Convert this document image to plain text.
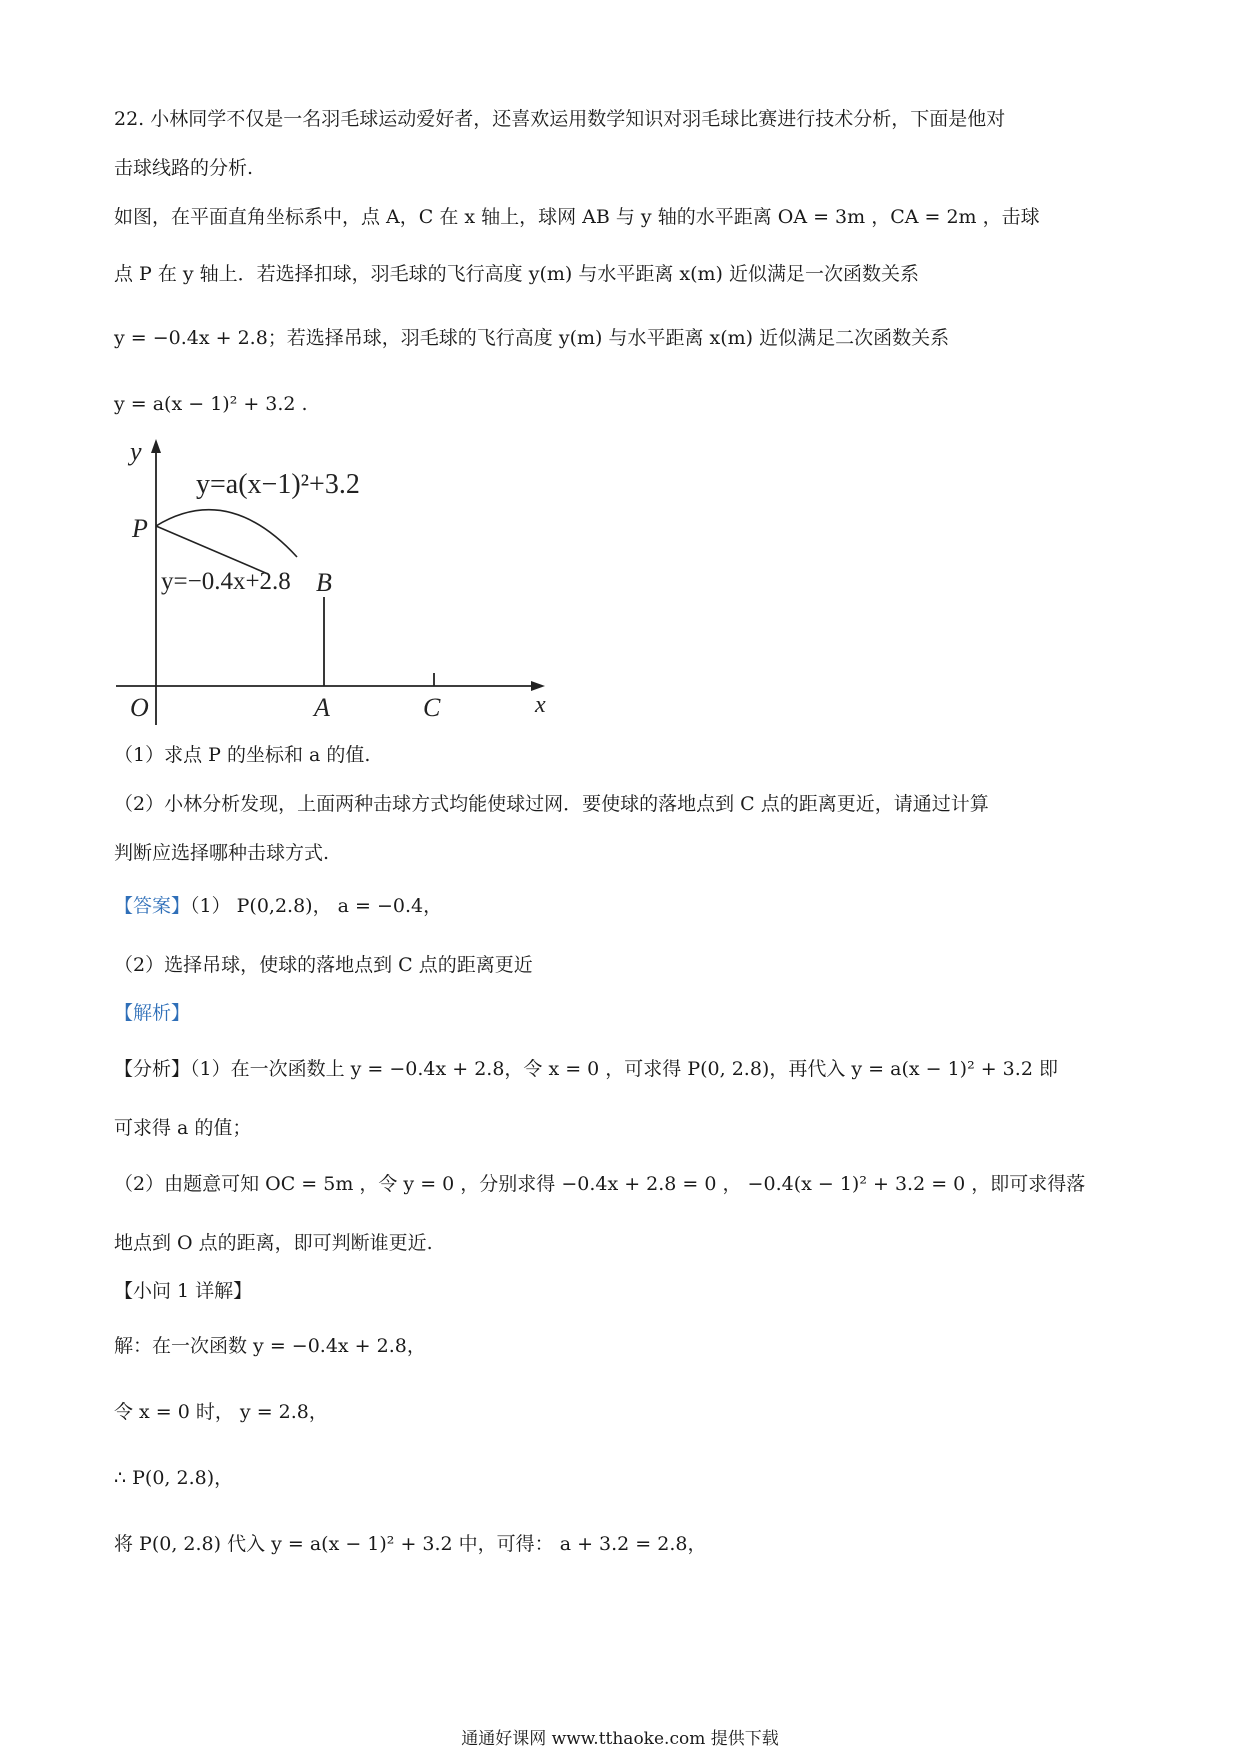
22. 小林同学不仅是一名羽毛球运动爱好者，还喜欢运用数学知识对羽毛球比赛进行技术分析，下面是他对
击球线路的分析.
如图，在平面直角坐标系中，点 A，C 在 x 轴上，球网 AB 与 y 轴的水平距离 OA = 3m ，CA = 2m ，击球
点 P 在 y 轴上．若选择扣球，羽毛球的飞行高度 y(m) 与水平距离 x(m) 近似满足一次函数关系
y = −0.4x + 2.8；若选择吊球，羽毛球的飞行高度 y(m) 与水平距离 x(m) 近似满足二次函数关系
y = a(x − 1)² + 3.2 .
y
x
O	A	C
P
B
y=a(x−1)²+3.2
y=−0.4x+2.8
（1）求点 P 的坐标和 a 的值.
（2）小林分析发现，上面两种击球方式均能使球过网．要使球的落地点到 C 点的距离更近，请通过计算
判断应选择哪种击球方式.
【答案】（1） P(0,2.8)， a = −0.4，
（2）选择吊球，使球的落地点到 C 点的距离更近
【解析】
【分析】（1）在一次函数上 y = −0.4x + 2.8，令 x = 0 ，可求得 P(0, 2.8)，再代入 y = a(x − 1)² + 3.2 即
可求得 a 的值；
（2）由题意可知 OC = 5m ，令 y = 0 ，分别求得 −0.4x + 2.8 = 0 ， −0.4(x − 1)² + 3.2 = 0 ，即可求得落
地点到 O 点的距离，即可判断谁更近.
【小问 1 详解】
解：在一次函数 y = −0.4x + 2.8，
令 x = 0 时， y = 2.8，
∴ P(0, 2.8)，
将 P(0, 2.8) 代入 y = a(x − 1)² + 3.2 中，可得： a + 3.2 = 2.8，
通通好课网 www.tthaoke.com 提供下载
